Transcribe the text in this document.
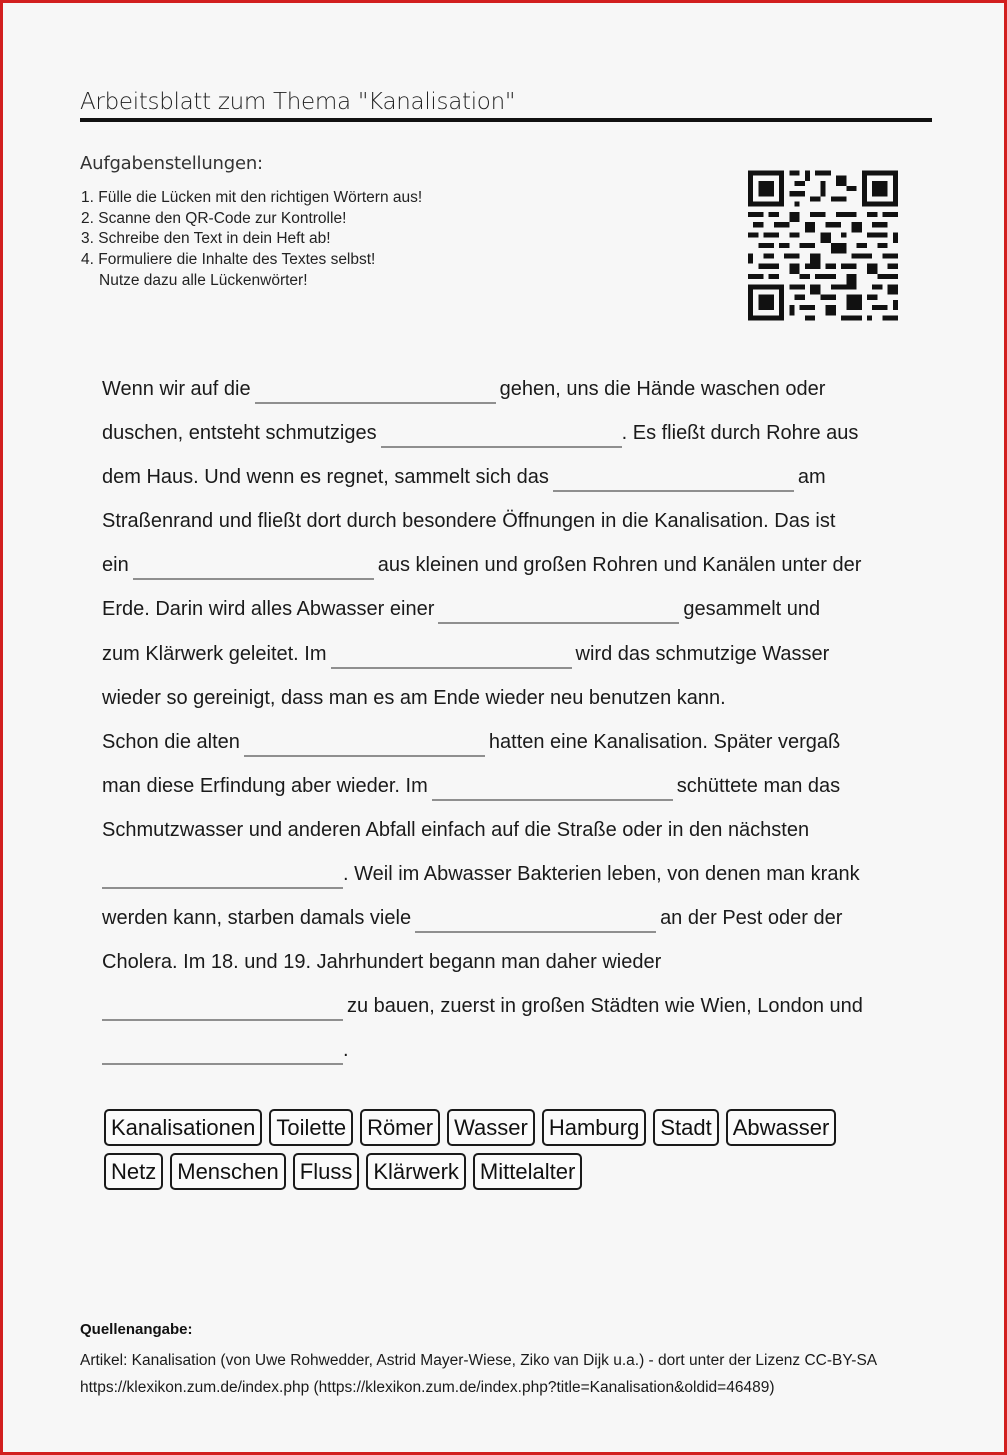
Arbeitsblatt zum Thema "Kanalisation"
Aufgabenstellungen:
1. Fülle die Lücken mit den richtigen Wörtern aus!
2. Scanne den QR-Code zur Kontrolle!
3. Schreibe den Text in dein Heft ab!
4. Formuliere die Inhalte des Textes selbst!
Nutze dazu alle Lückenwörter!
Wenn wir auf die	gehen, uns die Hände waschen oder
duschen, entsteht schmutziges	. Es fließt durch Rohre aus
dem Haus. Und wenn es regnet, sammelt sich das	am
Straßenrand und fließt dort durch besondere Öffnungen in die Kanalisation. Das ist
ein	aus kleinen und großen Rohren und Kanälen unter der
Erde. Darin wird alles Abwasser einer	gesammelt und
zum Klärwerk geleitet. Im	wird das schmutzige Wasser
wieder so gereinigt, dass man es am Ende wieder neu benutzen kann.
Schon die alten	hatten eine Kanalisation. Später vergaß
man diese Erfindung aber wieder. Im	schüttete man das
Schmutzwasser und anderen Abfall einfach auf die Straße oder in den nächsten
. Weil im Abwasser Bakterien leben, von denen man krank
werden kann, starben damals viele	an der Pest oder der
Cholera. Im 18. und 19. Jahrhundert begann man daher wieder
zu bauen, zuerst in großen Städten wie Wien, London und
.
Kanalisationen Toilette Römer Wasser Hamburg Stadt Abwasser
Netz Menschen Fluss Klärwerk Mittelalter
Quellenangabe:
Artikel: Kanalisation (von Uwe Rohwedder, Astrid Mayer-Wiese, Ziko van Dijk u.a.) - dort unter der Lizenz CC-BY-SA
https://klexikon.zum.de/index.php (https://klexikon.zum.de/index.php?title=Kanalisation&oldid=46489)
